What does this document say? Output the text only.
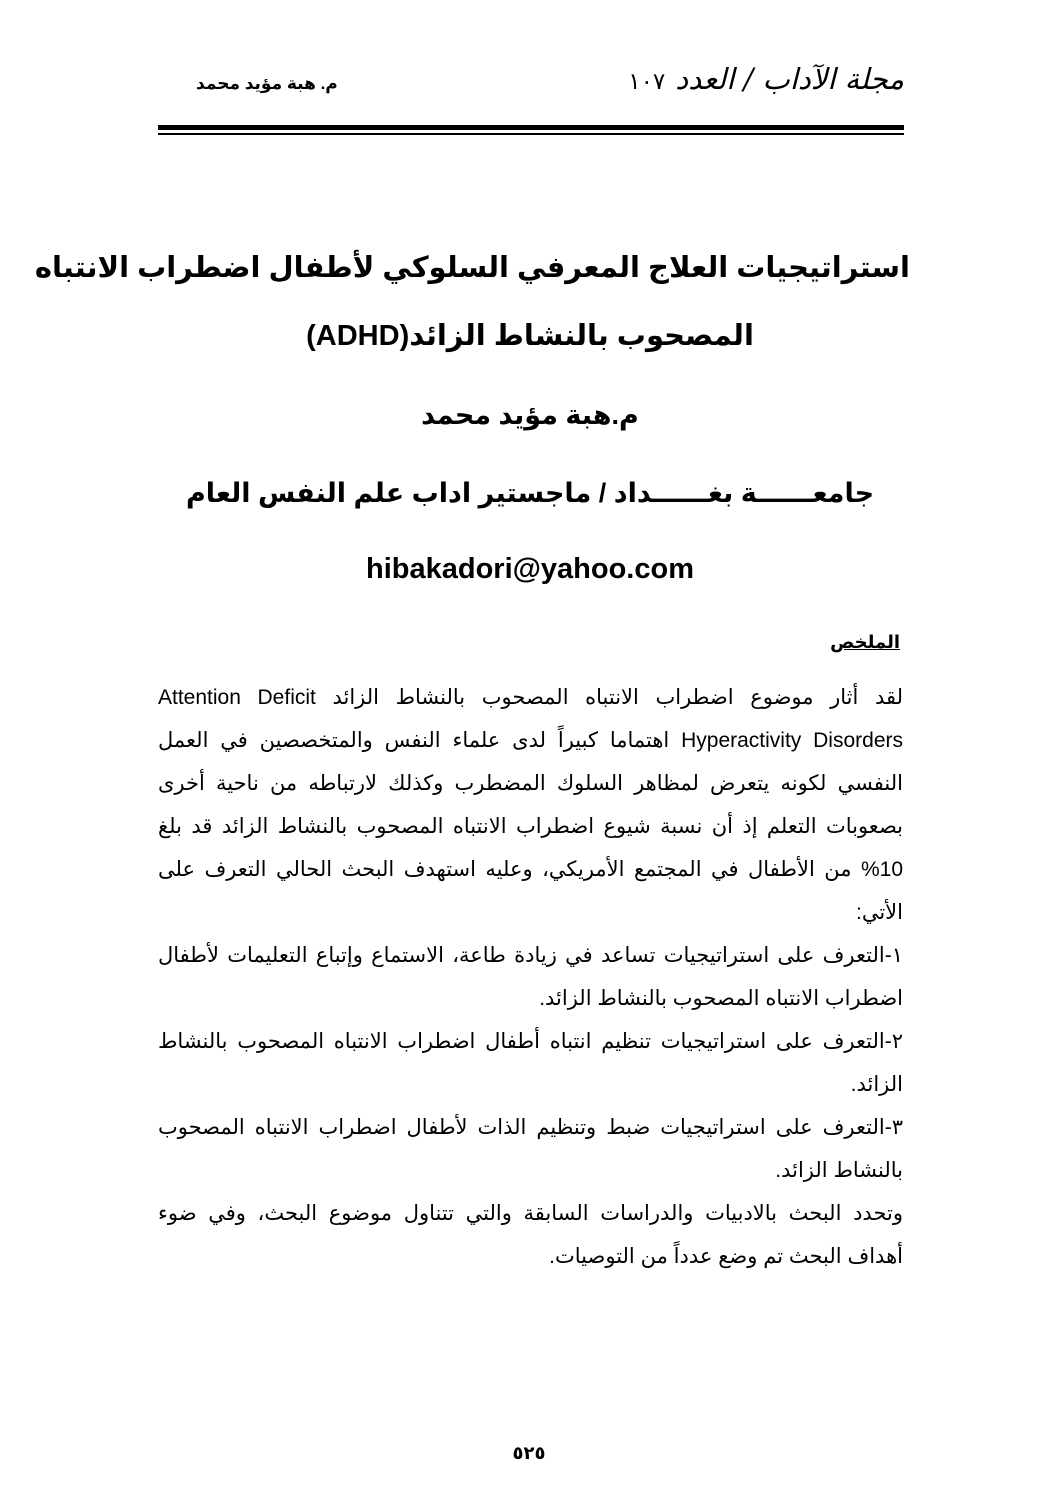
مجلة الآداب / العدد١٠٧
م. هبة مؤيد محمد
استراتيجيات العلاج المعرفي السلوكي لأطفال اضطراب الانتباه
المصحوب بالنشاط الزائد(ADHD)
م.هبة مؤيد محمد
جامعــــــة بغــــــداد / ماجستير اداب علم النفس العام
hibakadori@yahoo.com
الملخص

لقد أثار موضوع اضطراب الانتباه المصحوب بالنشاط الزائد Attention Deficit Hyperactivity Disorders اهتماما كبيراً لدى علماء النفس والمتخصصين في العمل النفسي لكونه يتعرض لمظاهر السلوك المضطرب وكذلك لارتباطه من ناحية أخرى بصعوبات التعلم إذ أن نسبة شيوع اضطراب الانتباه المصحوب بالنشاط الزائد قد بلغ 10% من الأطفال في المجتمع الأمريكي، وعليه استهدف البحث الحالي التعرف على الأتي:

١-التعرف على استراتيجيات تساعد في زيادة طاعة، الاستماع وإتباع التعليمات لأطفال اضطراب الانتباه المصحوب بالنشاط الزائد.

٢-التعرف على استراتيجيات تنظيم انتباه أطفال اضطراب الانتباه المصحوب بالنشاط الزائد.

٣-التعرف على استراتيجيات ضبط وتنظيم الذات لأطفال اضطراب الانتباه المصحوب بالنشاط الزائد.

وتحدد البحث بالادبيات والدراسات السابقة والتي تتناول موضوع البحث، وفي ضوء أهداف البحث تم وضع عدداً من التوصيات.

٥٢٥
